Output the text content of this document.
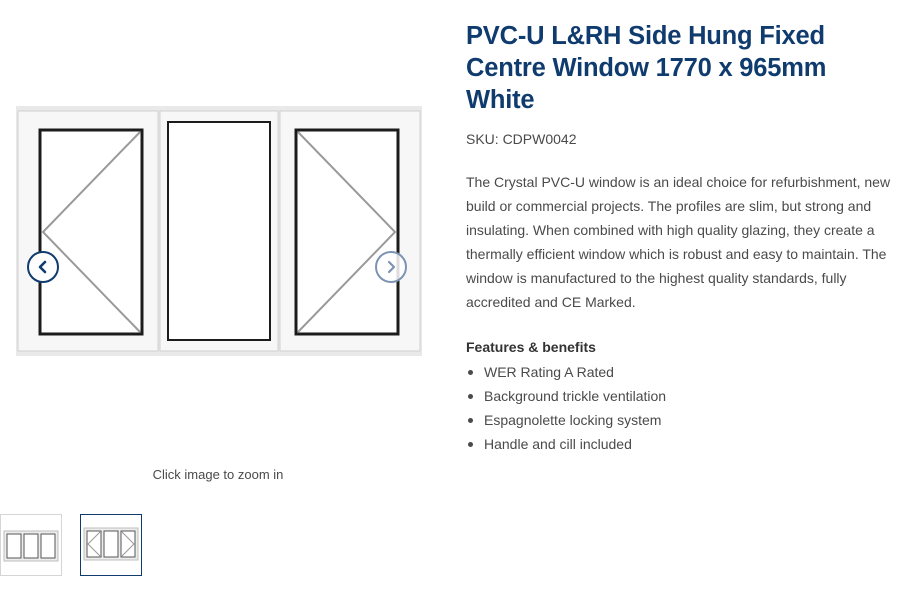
Click image to zoom in
PVC-U L&RH Side Hung Fixed Centre Window 1770 x 965mm White
SKU: CDPW0042

The Crystal PVC-U window is an ideal choice for refurbishment, new build or commercial projects. The profiles are slim, but strong and insulating. When combined with high quality glazing, they create a thermally efficient window which is robust and easy to maintain. The window is manufactured to the highest quality standards, fully accredited and CE Marked.

Features & benefits
WER Rating A Rated
Background trickle ventilation
Espagnolette locking system
Handle and cill included
